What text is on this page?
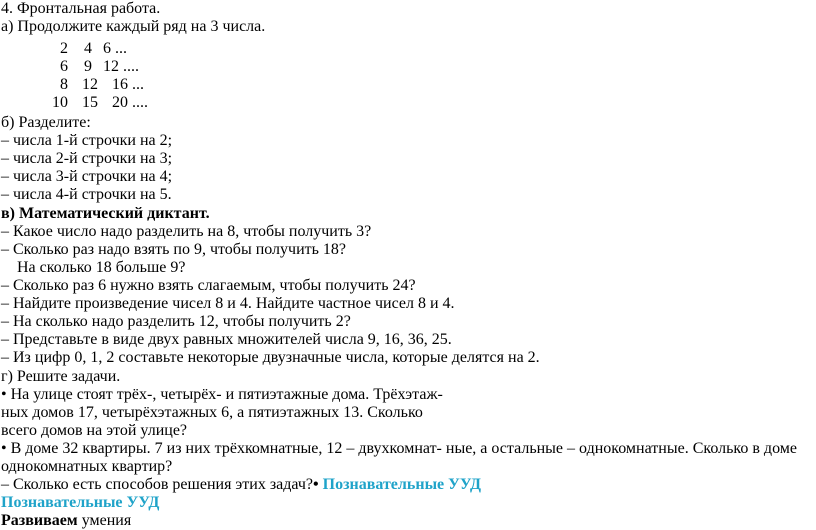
4. Фронтальная работа.
а) Продолжите каждый ряд на 3 числа.
2	4 6 ...
6	9 12 ....
8 12 16 ...
10 15 20 ....
б) Разделите:
– числа 1-й строчки на 2;
– числа 2-й строчки на 3;
– числа 3-й строчки на 4;
– числа 4-й строчки на 5.
в) Математический диктант.
– Какое число надо разделить на 8, чтобы получить 3?
– Сколько раз надо взять по 9, чтобы получить 18?
На сколько 18 больше 9?
– Сколько раз 6 нужно взять слагаемым, чтобы получить 24?
– Найдите произведение чисел 8 и 4. Найдите частное чисел 8 и 4.
– На сколько надо разделить 12, чтобы получить 2?
– Представьте в виде двух равных множителей числа 9, 16, 36, 25.
– Из цифр 0, 1, 2 составьте некоторые двузначные числа, которые делятся на 2.
г) Решите задачи.
• На улице стоят трёх-, четырёх- и пятиэтажные дома. Трёхэтаж-
ных домов 17, четырёхэтажных 6, а пятиэтажных 13. Сколько
всего домов на этой улице?
• В доме 32 квартиры. 7 из них трёхкомнатные, 12 – двухкомнат- ные, а остальные – однокомнатные. Сколько в доме
однокомнатных квартир?
– Сколько есть способов решения этих задач?• Познавательные УУД
Познавательные УУД
Развиваем умения
